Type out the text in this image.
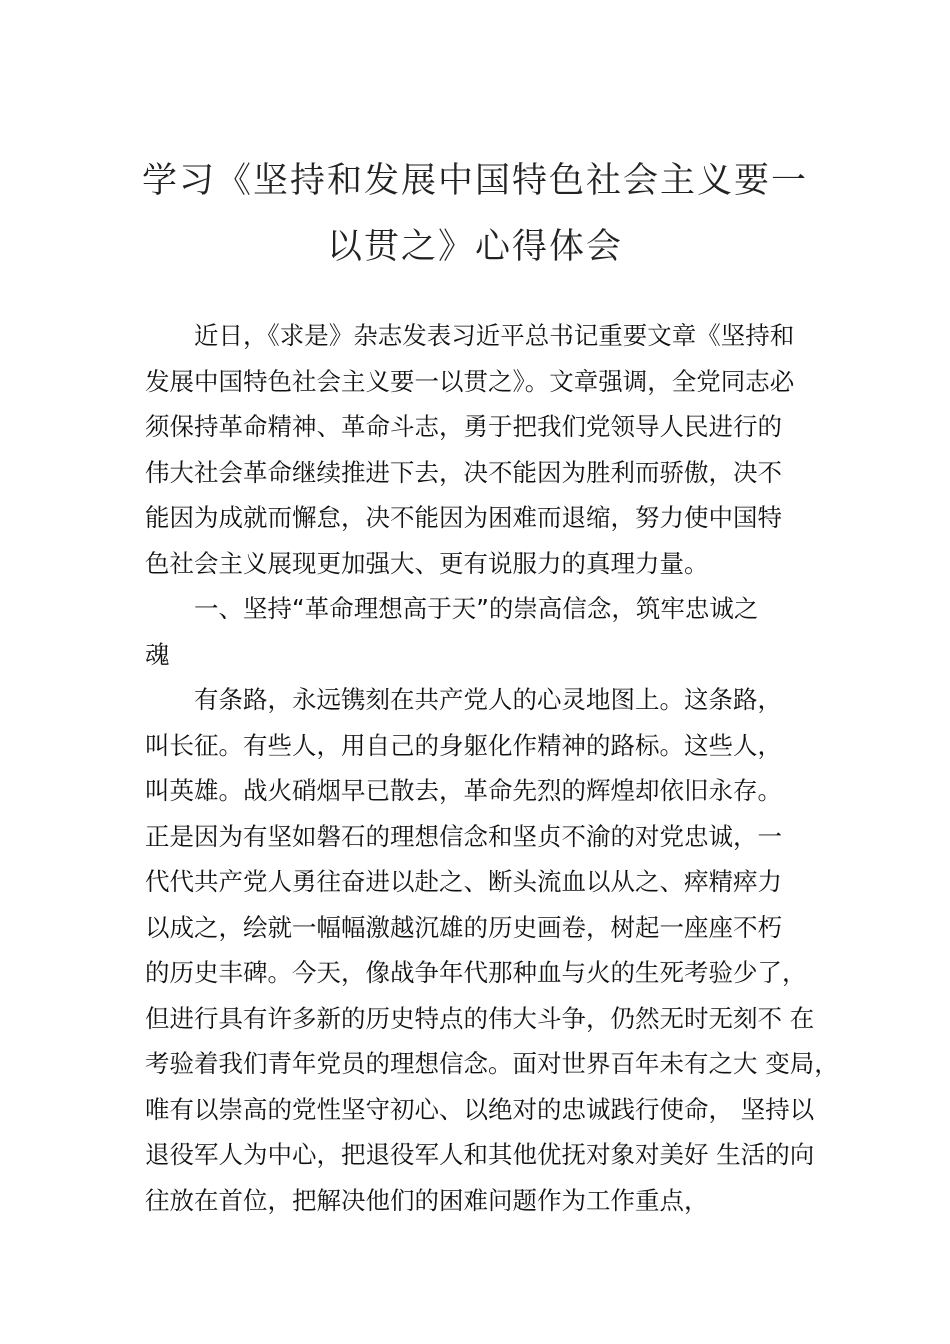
学习《坚持和发展中国特色社会主义要一
以贯之》心得体会
近日，《求是》杂志发表习近平总书记重要文章《坚持和
发展中国特色社会主义要一以贯之》。文章强调，全党同志必
须保持革命精神、革命斗志，勇于把我们党领导人民进行的
伟大社会革命继续推进下去，决不能因为胜利而骄傲，决不
能因为成就而懈怠，决不能因为困难而退缩，努力使中国特
色社会主义展现更加强大、更有说服力的真理力量。
一、坚持“革命理想高于天”的崇高信念，筑牢忠诚之
魂
有条路，永远镌刻在共产党人的心灵地图上。这条路，
叫长征。有些人，用自己的身躯化作精神的路标。这些人，
叫英雄。战火硝烟早已散去，革命先烈的辉煌却依旧永存。
正是因为有坚如磐石的理想信念和坚贞不渝的对党忠诚，一
代代共产党人勇往奋进以赴之、断头流血以从之、瘁精瘁力
以成之，绘就一幅幅激越沉雄的历史画卷，树起一座座不朽
的历史丰碑。今天，像战争年代那种血与火的生死考验少了，
但进行具有许多新的历史特点的伟大斗争，仍然无时无刻不 在
考验着我们青年党员的理想信念。面对世界百年未有之大 变局，
唯有以崇高的党性坚守初心、以绝对的忠诚践行使命， 坚持以
退役军人为中心，把退役军人和其他优抚对象对美好 生活的向
往放在首位，把解决他们的困难问题作为工作重点，
